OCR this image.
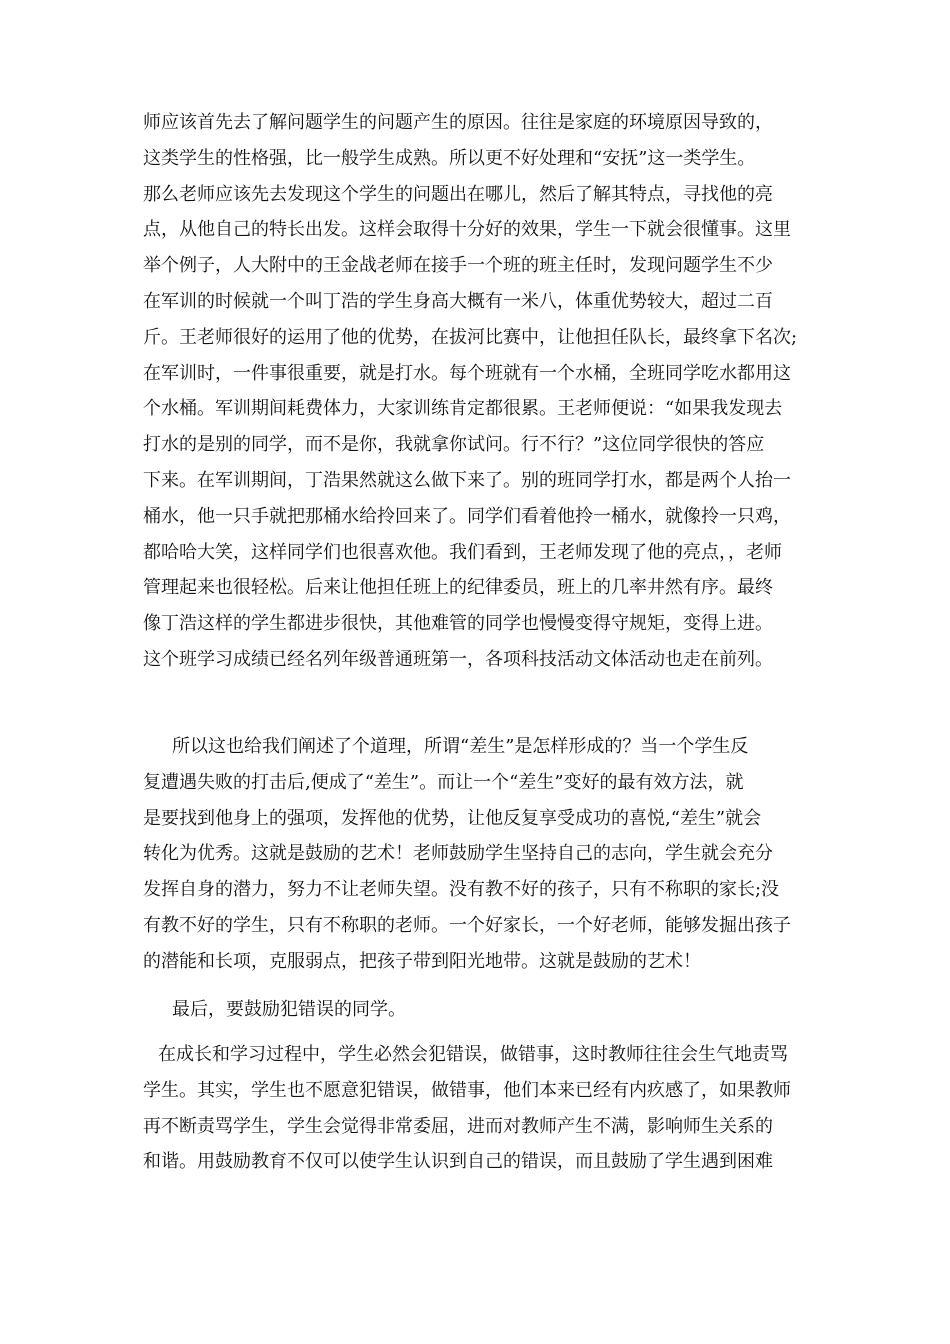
师应该首先去了解问题学生的问题产生的原因。往往是家庭的环境原因导致的，
这类学生的性格强，比一般学生成熟。所以更不好处理和“安抚”这一类学生。
那么老师应该先去发现这个学生的问题出在哪儿，然后了解其特点，寻找他的亮
点，从他自己的特长出发。这样会取得十分好的效果，学生一下就会很懂事。这里
举个例子，人大附中的王金战老师在接手一个班的班主任时，发现问题学生不少
在军训的时候就一个叫丁浩的学生身高大概有一米八，体重优势较大，超过二百
斤。王老师很好的运用了他的优势，在拔河比赛中，让他担任队长，最终拿下名次;
在军训时，一件事很重要，就是打水。每个班就有一个水桶，全班同学吃水都用这
个水桶。军训期间耗费体力，大家训练肯定都很累。王老师便说：“如果我发现去
打水的是别的同学，而不是你，我就拿你试问。行不行？”这位同学很快的答应
下来。在军训期间，丁浩果然就这么做下来了。别的班同学打水，都是两个人抬一
桶水，他一只手就把那桶水给拎回来了。同学们看着他拎一桶水，就像拎一只鸡，
都哈哈大笑，这样同学们也很喜欢他。我们看到，王老师发现了他的亮点，，老师
管理起来也很轻松。后来让他担任班上的纪律委员，班上的几率井然有序。最终
像丁浩这样的学生都进步很快，其他难管的同学也慢慢变得守规矩，变得上进。
这个班学习成绩已经名列年级普通班第一，各项科技活动文体活动也走在前列。
所以这也给我们阐述了个道理，所谓“差生”是怎样形成的？当一个学生反
复遭遇失败的打击后,便成了“差生”。而让一个“差生”变好的最有效方法，就
是要找到他身上的强项，发挥他的优势，让他反复享受成功的喜悦,“差生”就会
转化为优秀。这就是鼓励的艺术！老师鼓励学生坚持自己的志向，学生就会充分
发挥自身的潜力，努力不让老师失望。没有教不好的孩子，只有不称职的家长;没
有教不好的学生，只有不称职的老师。一个好家长，一个好老师，能够发掘出孩子
的潜能和长项，克服弱点，把孩子带到阳光地带。这就是鼓励的艺术！
最后，要鼓励犯错误的同学。
在成长和学习过程中，学生必然会犯错误，做错事，这时教师往往会生气地责骂
学生。其实，学生也不愿意犯错误，做错事，他们本来已经有内疚感了，如果教师
再不断责骂学生，学生会觉得非常委屈，进而对教师产生不满，影响师生关系的
和谐。用鼓励教育不仅可以使学生认识到自己的错误，而且鼓励了学生遇到困难
